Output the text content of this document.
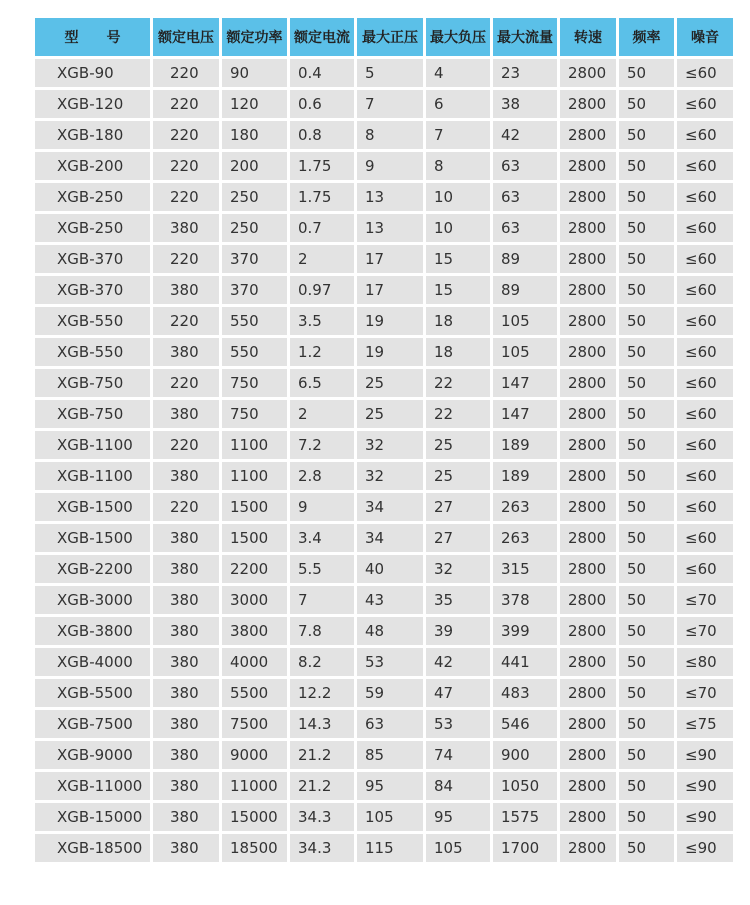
型　　号	额定电压	额定功率	额定电流	最大正压	最大负压	最大流量	转速	频率	噪音
XGB-90	220	90	0.4	5	4	23	2800	50	≤60
XGB-120	220	120	0.6	7	6	38	2800	50	≤60
XGB-180	220	180	0.8	8	7	42	2800	50	≤60
XGB-200	220	200	1.75	9	8	63	2800	50	≤60
XGB-250	220	250	1.75	13	10	63	2800	50	≤60
XGB-250	380	250	0.7	13	10	63	2800	50	≤60
XGB-370	220	370	2	17	15	89	2800	50	≤60
XGB-370	380	370	0.97	17	15	89	2800	50	≤60
XGB-550	220	550	3.5	19	18	105	2800	50	≤60
XGB-550	380	550	1.2	19	18	105	2800	50	≤60
XGB-750	220	750	6.5	25	22	147	2800	50	≤60
XGB-750	380	750	2	25	22	147	2800	50	≤60
XGB-1100	220	1100	7.2	32	25	189	2800	50	≤60
XGB-1100	380	1100	2.8	32	25	189	2800	50	≤60
XGB-1500	220	1500	9	34	27	263	2800	50	≤60
XGB-1500	380	1500	3.4	34	27	263	2800	50	≤60
XGB-2200	380	2200	5.5	40	32	315	2800	50	≤60
XGB-3000	380	3000	7	43	35	378	2800	50	≤70
XGB-3800	380	3800	7.8	48	39	399	2800	50	≤70
XGB-4000	380	4000	8.2	53	42	441	2800	50	≤80
XGB-5500	380	5500	12.2	59	47	483	2800	50	≤70
XGB-7500	380	7500	14.3	63	53	546	2800	50	≤75
XGB-9000	380	9000	21.2	85	74	900	2800	50	≤90
XGB-11000	380	11000	21.2	95	84	1050	2800	50	≤90
XGB-15000	380	15000	34.3	105	95	1575	2800	50	≤90
XGB-18500	380	18500	34.3	115	105	1700	2800	50	≤90
